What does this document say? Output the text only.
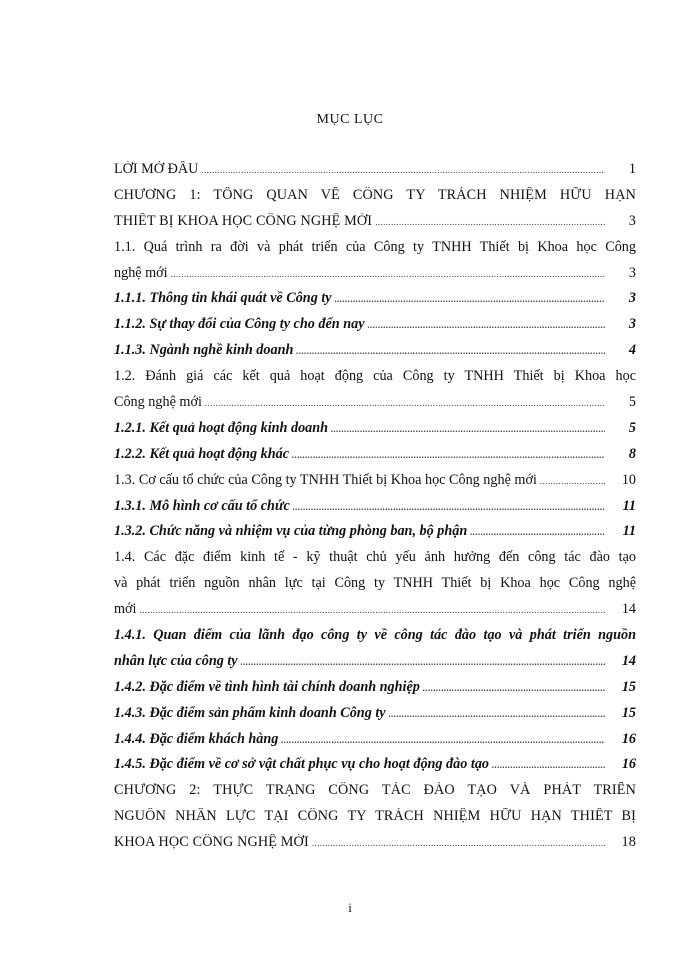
MỤC LỤC
LỜI MỞ ĐẦU .....	1
CHƯƠNG 1: TỔNG QUAN VỀ CÔNG TY TRÁCH NHIỆM HỮU HẠN
THIẾT BỊ KHOA HỌC CÔNG NGHỆ MỚI .....	3
1.1. Quá trình ra đời và phát triển của Công ty TNHH Thiết bị Khoa học Công
nghệ mới .....	3
1.1.1. Thông tin khái quát về Công ty .....	3
1.1.2. Sự thay đổi của Công ty cho đến nay .....	3
1.1.3. Ngành nghề kinh doanh .....	4
1.2. Đánh giá các kết quả hoạt động của Công ty TNHH Thiết bị Khoa học
Công nghệ mới .....	5
1.2.1. Kết quả hoạt động kinh doanh .....	5
1.2.2. Kết quả hoạt động khác .....	8
1.3. Cơ cấu tổ chức của Công ty TNHH Thiết bị Khoa học Công nghệ mới .....	10
1.3.1. Mô hình cơ cấu tổ chức .....	11
1.3.2. Chức năng và nhiệm vụ của từng phòng ban, bộ phận .....	11
1.4. Các đặc điểm kinh tế - kỹ thuật chủ yếu ảnh hưởng đến công tác đào tạo
và phát triển nguồn nhân lực tại Công ty TNHH Thiết bị Khoa học Công nghệ
mới .....	14
1.4.1. Quan điểm của lãnh đạo công ty về công tác đào tạo và phát triển nguồn
nhân lực của công ty .....	14
1.4.2. Đặc điểm về tình hình tài chính doanh nghiệp .....	15
1.4.3. Đặc điểm sản phẩm kinh doanh Công ty .....	15
1.4.4. Đặc điểm khách hàng .....	16
1.4.5. Đặc điểm về cơ sở vật chất phục vụ cho hoạt động đào tạo .....	16
CHƯƠNG 2: THỰC TRẠNG CÔNG TÁC ĐÀO TẠO VÀ PHÁT TRIỂN
NGUỒN NHÂN LỰC TẠI CÔNG TY TRÁCH NHIỆM HỮU HẠN THIẾT BỊ
KHOA HỌC CÔNG NGHỆ MỚI .....	18
i
